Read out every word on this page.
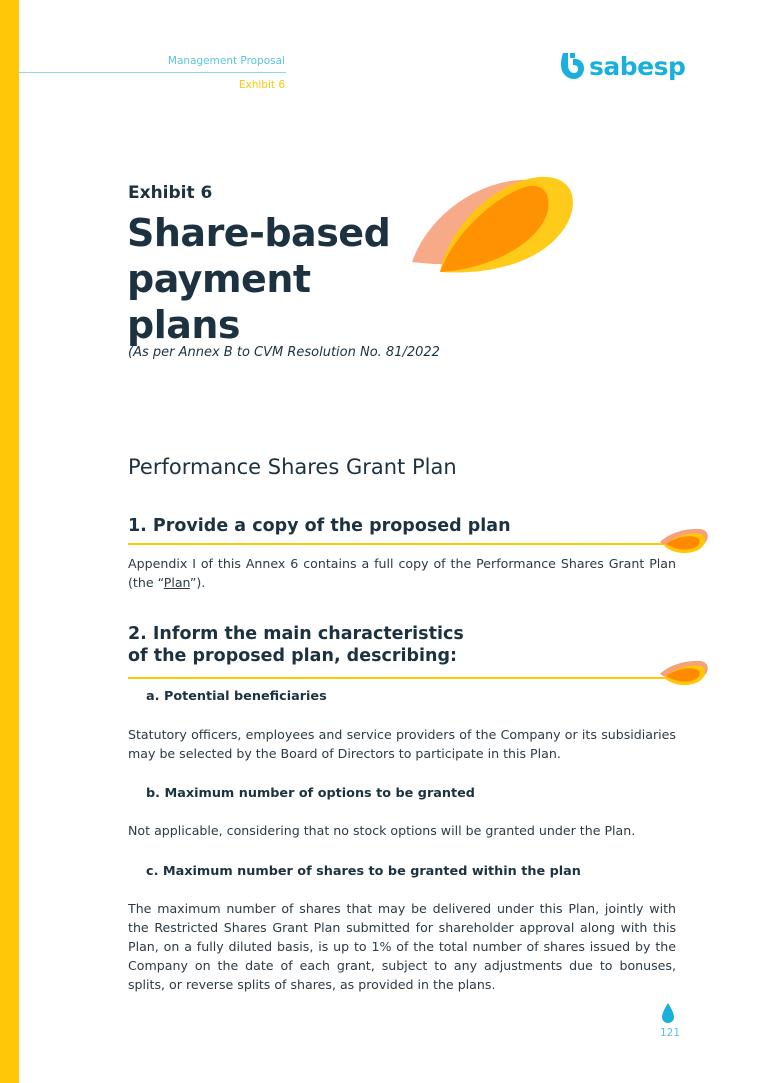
Management Proposal
Exhibit 6
sabesp
Exhibit 6
Share-based payment plans
(As per Annex B to CVM Resolution No. 81/2022
Performance Shares Grant Plan
1. Provide a copy of the proposed plan
Appendix I of this Annex 6 contains a full copy of the Performance Shares Grant Plan (the “Plan”).
2. Inform the main characteristics of the proposed plan, describing:
a. Potential beneficiaries
Statutory officers, employees and service providers of the Company or its subsidiaries may be selected by the Board of Directors to participate in this Plan.
b. Maximum number of options to be granted
Not applicable, considering that no stock options will be granted under the Plan.
c. Maximum number of shares to be granted within the plan
The maximum number of shares that may be delivered under this Plan, jointly with the Restricted Shares Grant Plan submitted for shareholder approval along with this Plan, on a fully diluted basis, is up to 1% of the total number of shares issued by the Company on the date of each grant, subject to any adjustments due to bonuses, splits, or reverse splits of shares, as provided in the plans.
121
